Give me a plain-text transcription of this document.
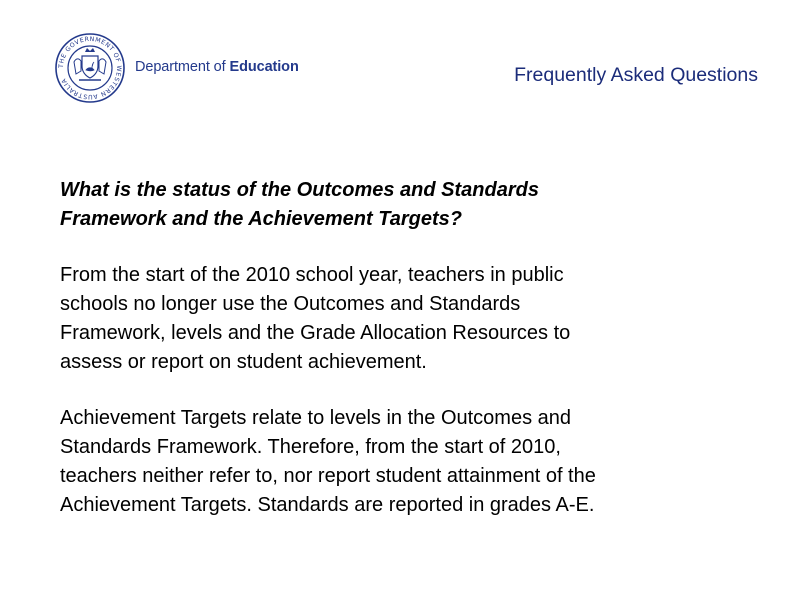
THE GOVERNMENT OF WESTERN AUSTRALIA
Department of Education	Frequently Asked Questions
What is the status of the Outcomes and Standards
Framework and the Achievement Targets?
From the start of the 2010 school year, teachers in public
schools no longer use the Outcomes and Standards
Framework, levels and the Grade Allocation Resources to
assess or report on student achievement.
Achievement Targets relate to levels in the Outcomes and
Standards Framework. Therefore, from the start of 2010,
teachers neither refer to, nor report student attainment of the
Achievement Targets. Standards are reported in grades A-E.
